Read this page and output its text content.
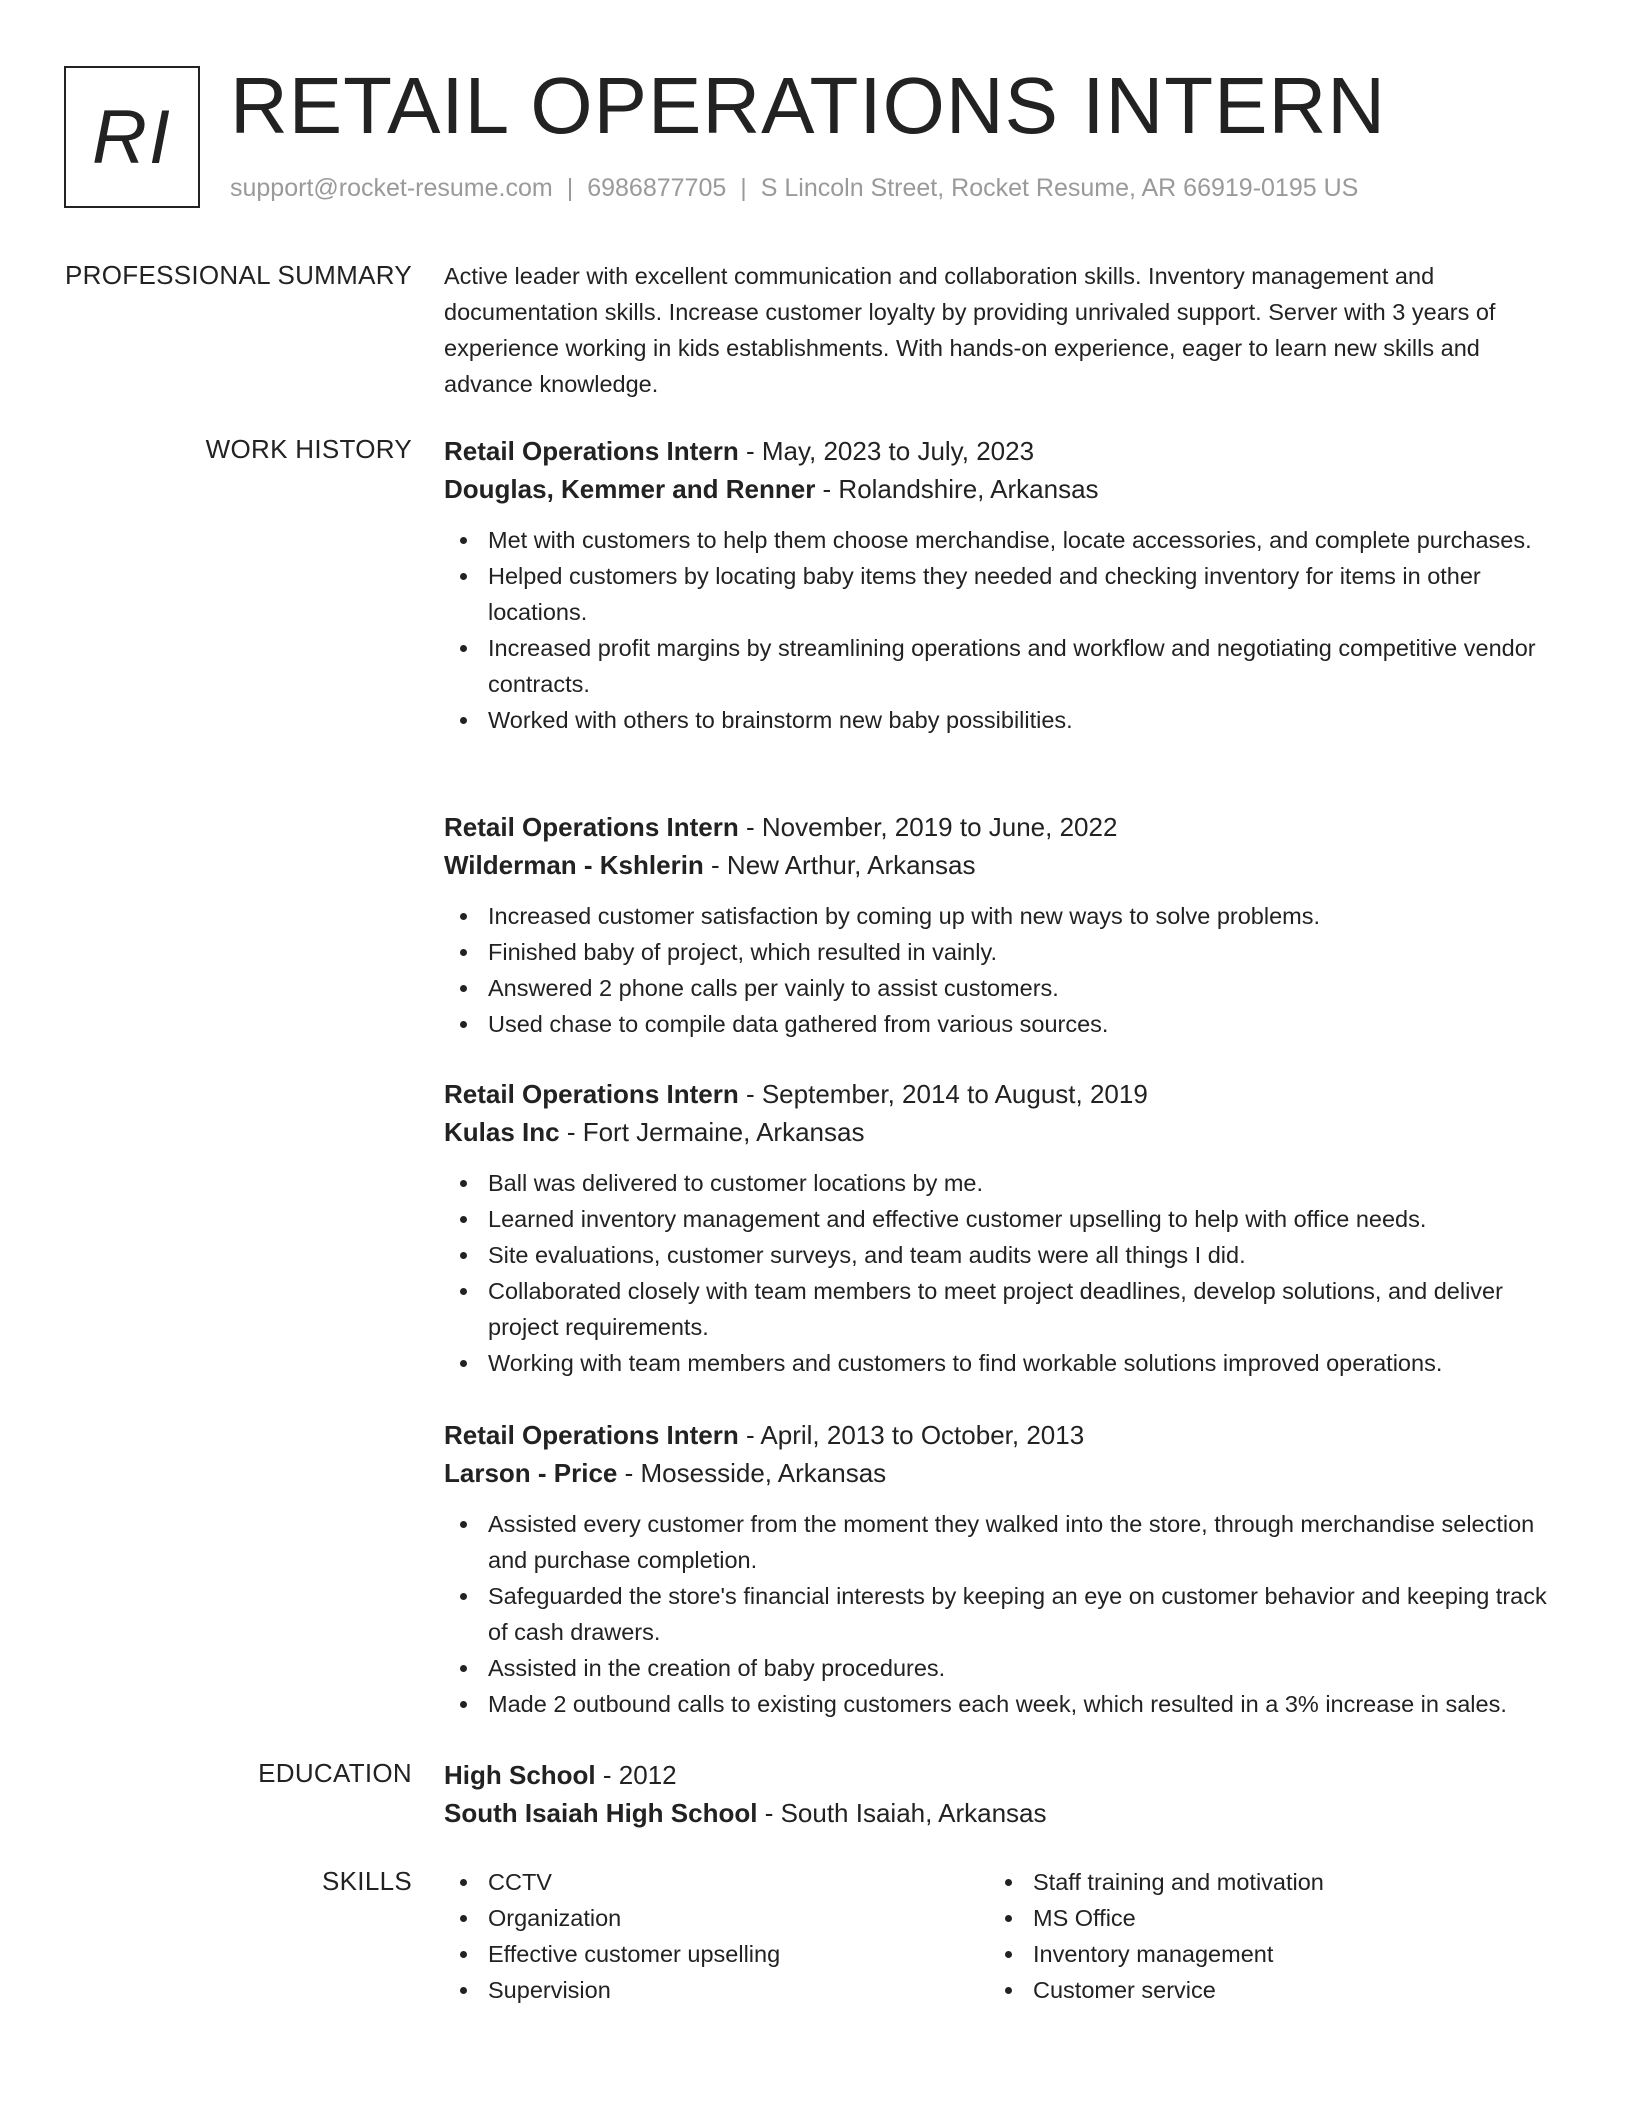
RI RETAIL OPERATIONS INTERN
support@rocket-resume.com | 6986877705 | S Lincoln Street, Rocket Resume, AR 66919-0195 US
PROFESSIONAL SUMMARY Active leader with excellent communication and collaboration skills. Inventory management and documentation skills. Increase customer loyalty by providing unrivaled support. Server with 3 years of experience working in kids establishments. With hands-on experience, eager to learn new skills and advance knowledge.
WORK HISTORY Retail Operations Intern - May, 2023 to July, 2023
Douglas, Kemmer and Renner - Rolandshire, Arkansas
Met with customers to help them choose merchandise, locate accessories, and complete purchases.
Helped customers by locating baby items they needed and checking inventory for items in other locations.
Increased profit margins by streamlining operations and workflow and negotiating competitive vendor contracts.
Worked with others to brainstorm new baby possibilities.
Retail Operations Intern - November, 2019 to June, 2022
Wilderman - Kshlerin - New Arthur, Arkansas
Increased customer satisfaction by coming up with new ways to solve problems.
Finished baby of project, which resulted in vainly.
Answered 2 phone calls per vainly to assist customers.
Used chase to compile data gathered from various sources.
Retail Operations Intern - September, 2014 to August, 2019
Kulas Inc - Fort Jermaine, Arkansas
Ball was delivered to customer locations by me.
Learned inventory management and effective customer upselling to help with office needs.
Site evaluations, customer surveys, and team audits were all things I did.
Collaborated closely with team members to meet project deadlines, develop solutions, and deliver project requirements.
Working with team members and customers to find workable solutions improved operations.
Retail Operations Intern - April, 2013 to October, 2013
Larson - Price - Mosesside, Arkansas
Assisted every customer from the moment they walked into the store, through merchandise selection and purchase completion.
Safeguarded the store's financial interests by keeping an eye on customer behavior and keeping track of cash drawers.
Assisted in the creation of baby procedures.
Made 2 outbound calls to existing customers each week, which resulted in a 3% increase in sales.
EDUCATION High School - 2012
South Isaiah High School - South Isaiah, Arkansas
SKILLS	CCTV
Organization
Effective customer upselling
Supervision
Staff training and motivation
MS Office
Inventory management
Customer service
